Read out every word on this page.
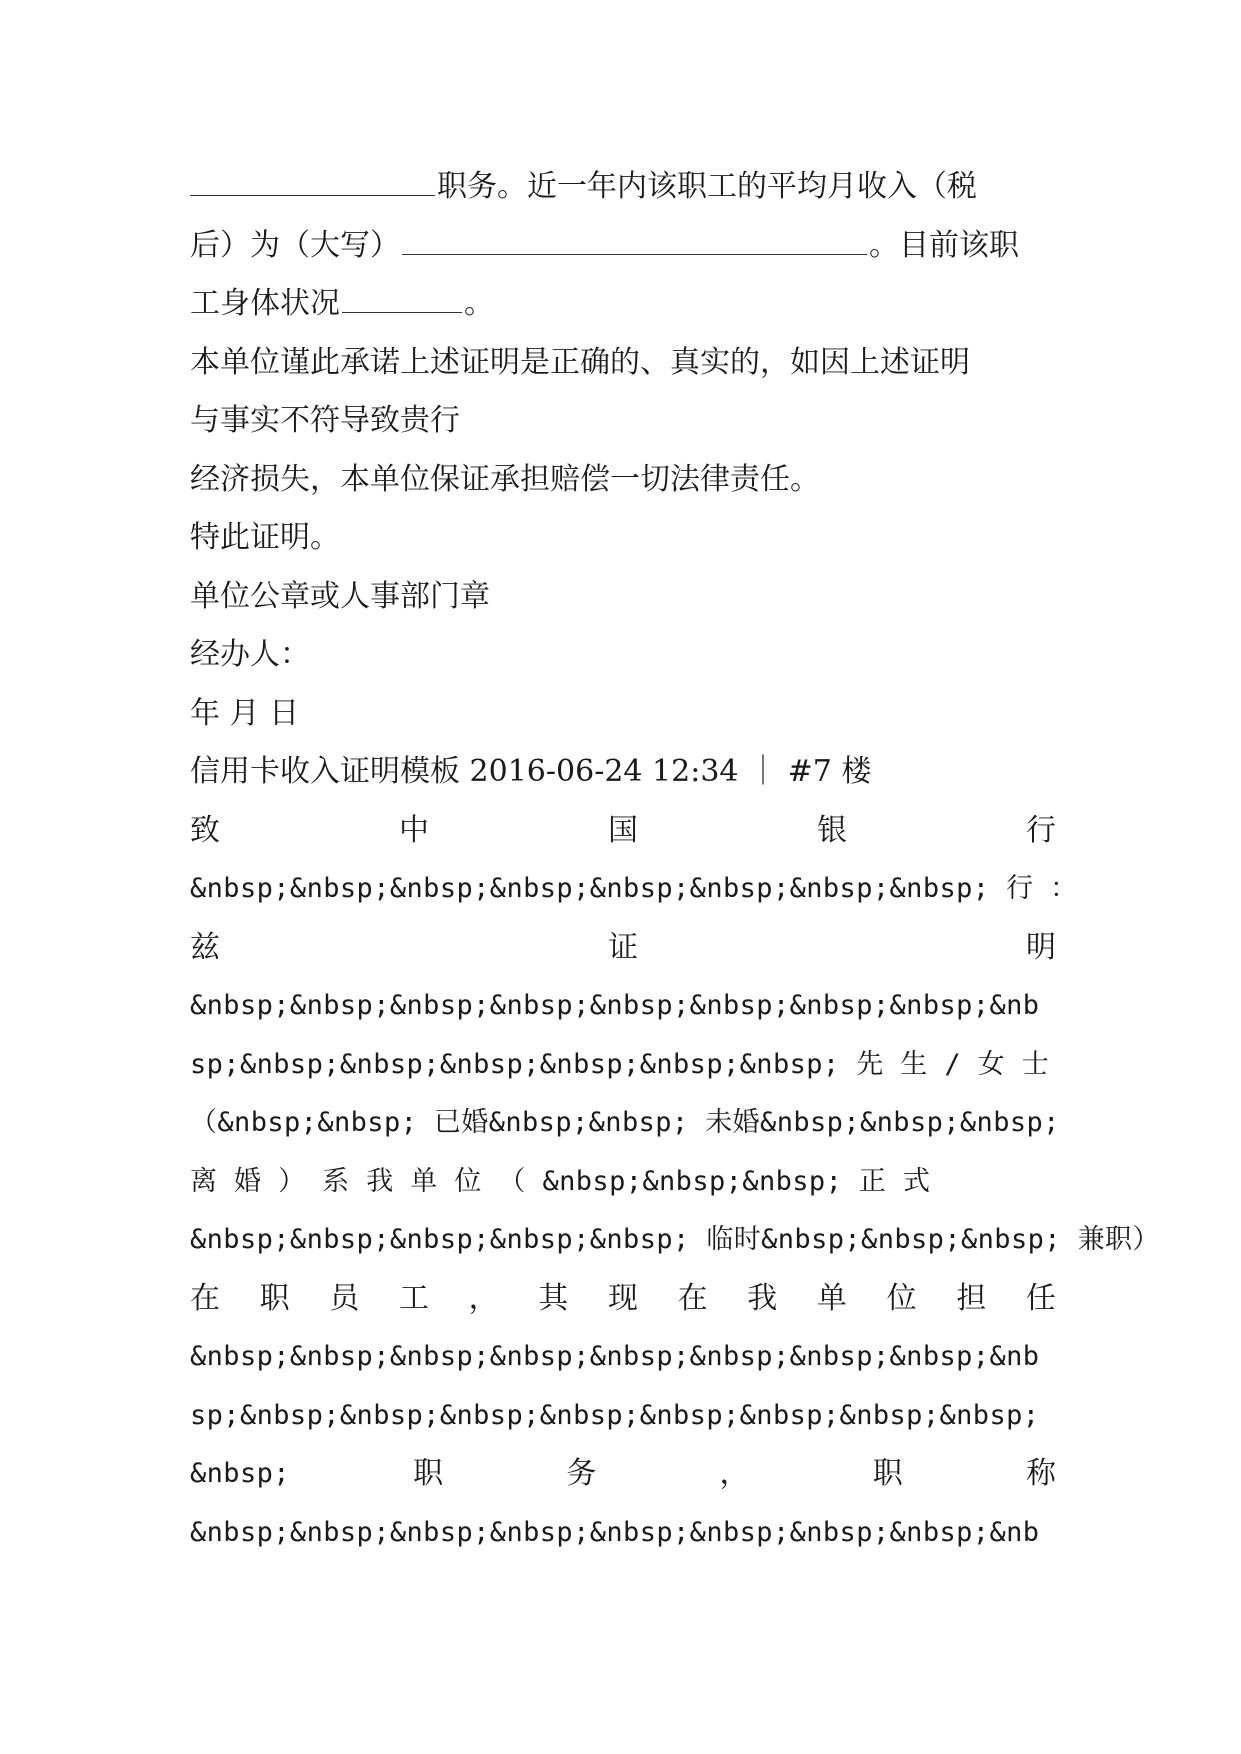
职务。近一年内该职工的平均月收入（税
后）为（大写）	。目前该职
工身体状况	。
本单位谨此承诺上述证明是正确的、真实的，如因上述证明
与事实不符导致贵行
经济损失，本单位保证承担赔偿一切法律责任。
特此证明。
单位公章或人事部门章
经办人：
年 月 日
信用卡收入证明模板 2016-06-24 12:34 ｜ #7 楼
致	中	国	银	行
&nbsp;&nbsp;&nbsp;&nbsp;&nbsp;&nbsp;&nbsp;&nbsp; 行 ：
兹	证	明
&nbsp;&nbsp;&nbsp;&nbsp;&nbsp;&nbsp;&nbsp;&nbsp;&nb
sp;&nbsp;&nbsp;&nbsp;&nbsp;&nbsp;&nbsp; 先 生 / 女 士
（&nbsp;&nbsp; 已婚&nbsp;&nbsp; 未婚&nbsp;&nbsp;&nbsp;
离 婚 ） 系 我 单 位 （ &nbsp;&nbsp;&nbsp; 正 式
&nbsp;&nbsp;&nbsp;&nbsp;&nbsp; 临时&nbsp;&nbsp;&nbsp; 兼职）
在 职 员 工 ， 其 现 在 我 单 位 担 任
&nbsp;&nbsp;&nbsp;&nbsp;&nbsp;&nbsp;&nbsp;&nbsp;&nb
sp;&nbsp;&nbsp;&nbsp;&nbsp;&nbsp;&nbsp;&nbsp;&nbsp;
&nbsp;	职	务	，	职	称
&nbsp;&nbsp;&nbsp;&nbsp;&nbsp;&nbsp;&nbsp;&nbsp;&nb
